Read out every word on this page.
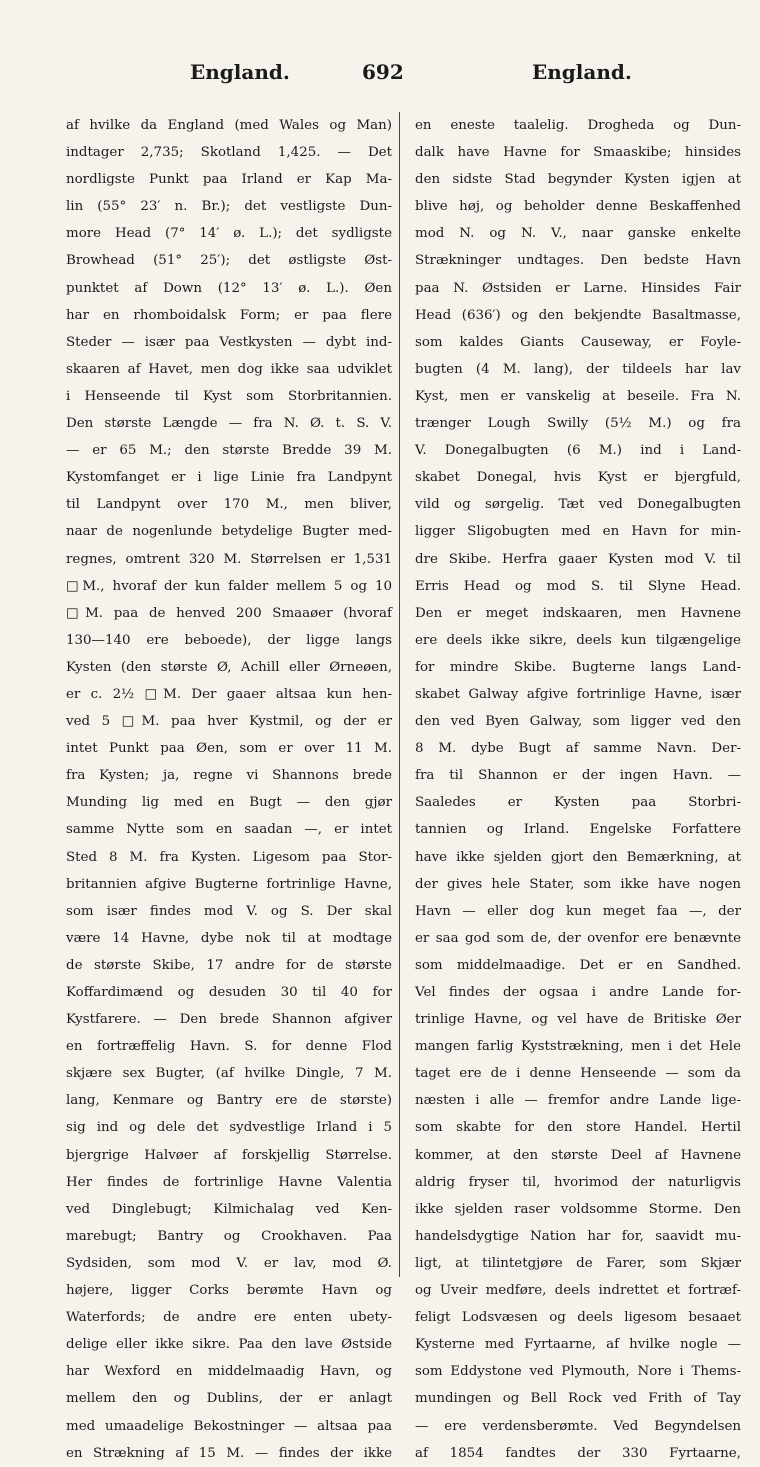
England.	692	England.
af hvilke da England (med Wales og Man)
indtager 2,735; Skotland 1,425. — Det
nordligste Punkt paa Irland er Kap Ma-
lin (55° 23′ n. Br.); det vestligste Dun-
more Head (7° 14′ ø. L.); det sydligste
Browhead (51° 25′); det østligste Øst-
punktet af Down (12° 13′ ø. L.). Øen
har en rhomboidalsk Form; er paa flere
Steder — især paa Vestkysten — dybt ind-
skaaren af Havet, men dog ikke saa udviklet
i Henseende til Kyst som Storbritannien.
Den største Længde — fra N. Ø. t. S. V.
— er 65 M.; den største Bredde 39 M.
Kystomfanget er i lige Linie fra Landpynt
til Landpynt over 170 M., men bliver,
naar de nogenlunde betydelige Bugter med-
regnes, omtrent 320 M. Størrelsen er 1,531
□M., hvoraf der kun falder mellem 5 og 10
□M. paa de henved 200 Smaaøer (hvoraf
130—140 ere beboede), der ligge langs
Kysten (den største Ø, Achill eller Ørneøen,
er c. 2½ □M. Der gaaer altsaa kun hen-
ved 5 □M. paa hver Kystmil, og der er
intet Punkt paa Øen, som er over 11 M.
fra Kysten; ja, regne vi Shannons brede
Munding lig med en Bugt — den gjør
samme Nytte som en saadan —, er intet
Sted 8 M. fra Kysten. Ligesom paa Stor-
britannien afgive Bugterne fortrinlige Havne,
som især findes mod V. og S. Der skal
være 14 Havne, dybe nok til at modtage
de største Skibe, 17 andre for de største
Koffardimænd og desuden 30 til 40 for
Kystfarere. — Den brede Shannon afgiver
en fortræffelig Havn. S. for denne Flod
skjære sex Bugter, (af hvilke Dingle, 7 M.
lang, Kenmare og Bantry ere de største)
sig ind og dele det sydvestlige Irland i 5
bjergrige Halvøer af forskjellig Størrelse.
Her findes de fortrinlige Havne Valentia
ved Dinglebugt; Kilmichalag ved Ken-
marebugt; Bantry og Crookhaven. Paa
Sydsiden, som mod V. er lav, mod Ø.
højere, ligger Corks berømte Havn og
Waterfords; de andre ere enten ubety-
delige eller ikke sikre. Paa den lave Østside
har Wexford en middelmaadig Havn, og
mellem den og Dublins, der er anlagt
med umaadelige Bekostninger — altsaa paa
en Strækning af 15 M. — findes der ikke
en eneste taalelig. Drogheda og Dun-
dalk have Havne for Smaaskibe; hinsides
den sidste Stad begynder Kysten igjen at
blive høj, og beholder denne Beskaffenhed
mod N. og N. V., naar ganske enkelte
Strækninger undtages. Den bedste Havn
paa N. Østsiden er Larne. Hinsides Fair
Head (636′) og den bekjendte Basaltmasse,
som kaldes Giants Causeway, er Foyle-
bugten (4 M. lang), der tildeels har lav
Kyst, men er vanskelig at beseile. Fra N.
trænger Lough Swilly (5½ M.) og fra
V. Donegalbugten (6 M.) ind i Land-
skabet Donegal, hvis Kyst er bjergfuld,
vild og sørgelig. Tæt ved Donegalbugten
ligger Sligobugten med en Havn for min-
dre Skibe. Herfra gaaer Kysten mod V. til
Erris Head og mod S. til Slyne Head.
Den er meget indskaaren, men Havnene
ere deels ikke sikre, deels kun tilgængelige
for mindre Skibe. Bugterne langs Land-
skabet Galway afgive fortrinlige Havne, især
den ved Byen Galway, som ligger ved den
8 M. dybe Bugt af samme Navn. Der-
fra til Shannon er der ingen Havn. —
Saaledes er Kysten paa Storbri-
tannien og Irland. Engelske Forfattere
have ikke sjelden gjort den Bemærkning, at
der gives hele Stater, som ikke have nogen
Havn — eller dog kun meget faa —, der
er saa god som de, der ovenfor ere benævnte
som middelmaadige. Det er en Sandhed.
Vel findes der ogsaa i andre Lande for-
trinlige Havne, og vel have de Britiske Øer
mangen farlig Kyststrækning, men i det Hele
taget ere de i denne Henseende — som da
næsten i alle — fremfor andre Lande lige-
som skabte for den store Handel. Hertil
kommer, at den største Deel af Havnene
aldrig fryser til, hvorimod der naturligvis
ikke sjelden raser voldsomme Storme. Den
handelsdygtige Nation har for, saavidt mu-
ligt, at tilintetgjøre de Farer, som Skjær
og Uveir medføre, deels indrettet et fortræf-
feligt Lodsvæsen og deels ligesom besaaet
Kysterne med Fyrtaarne, af hvilke nogle —
som Eddystone ved Plymouth, Nore i Thems-
mundingen og Bell Rock ved Frith of Tay
— ere verdensberømte. Ved Begyndelsen
af 1854 fandtes der 330 Fyrtaarne,
